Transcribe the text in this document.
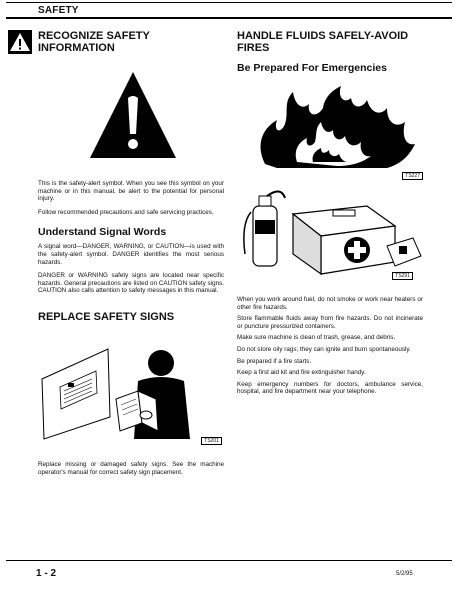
SAFETY
RECOGNIZE SAFETY INFORMATION

This is the safety-alert symbol. When you see this symbol on your machine or in this manual, be alert to the potential for personal injury.

Follow recommended precautions and safe servicing practices.

Understand Signal Words

A signal word—DANGER, WARNING, or CAUTION—is used with the safety-alert symbol. DANGER identifies the most serious hazards.

DANGER or WARNING safety signs are located near specific hazards. General precautions are listed on CAUTION safety signs. CAUTION also calls attention to safety messages in this manual.

REPLACE SAFETY SIGNS
TS201

Replace missing or damaged safety signs. See the machine operator's manual for correct safety sign placement.

HANDLE FLUIDS SAFELY-AVOID FIRES
Be Prepared For Emergencies
TS227
TS291

When you work around fuel, do not smoke or work near heaters or other fire hazards.

Store flammable fluids away from fire hazards. Do not incinerate or puncture pressurized containers.

Make sure machine is clean of trash, grease, and debris.

Do not store oily rags; they can ignite and burn spontaneously.

Be prepared if a fire starts.

Keep a first aid kit and fire extinguisher handy.

Keep emergency numbers for doctors, ambulance service, hospital, and fire department near your telephone.

1 - 2	5/2/95
